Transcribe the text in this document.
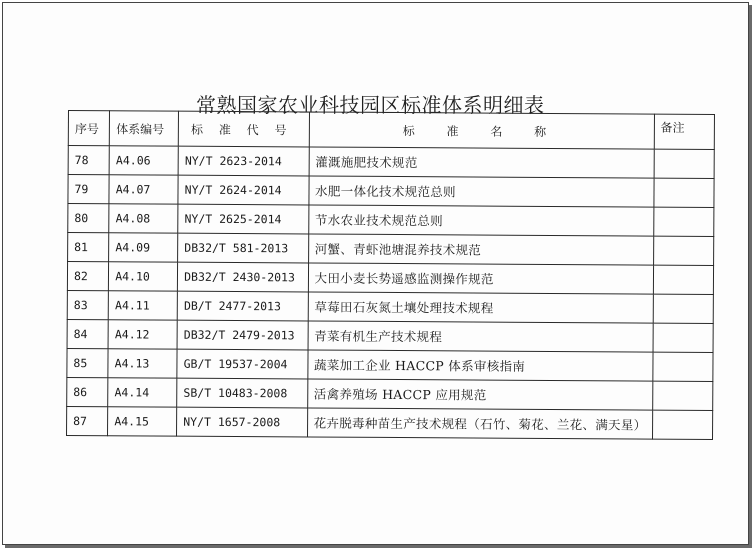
常熟国家农业科技园区标准体系明细表
序号	体系编号	标 准 代 号	标 准 名 称	备注
78	A4.06	NY/T 2623-2014	灌溉施肥技术规范	
79	A4.07	NY/T 2624-2014	水肥一体化技术规范总则	
80	A4.08	NY/T 2625-2014	节水农业技术规范总则	
81	A4.09	DB32/T 581-2013	河蟹、青虾池塘混养技术规范	
82	A4.10	DB32/T 2430-2013	大田小麦长势遥感监测操作规范	
83	A4.11	DB/T 2477-2013	草莓田石灰氮土壤处理技术规程	
84	A4.12	DB32/T 2479-2013	青菜有机生产技术规程	
85	A4.13	GB/T 19537-2004	蔬菜加工企业 HACCP 体系审核指南	
86	A4.14	SB/T 10483-2008	活禽养殖场 HACCP 应用规范	
87	A4.15	NY/T 1657-2008	花卉脱毒种苗生产技术规程（石竹、菊花、兰花、满天星）	
